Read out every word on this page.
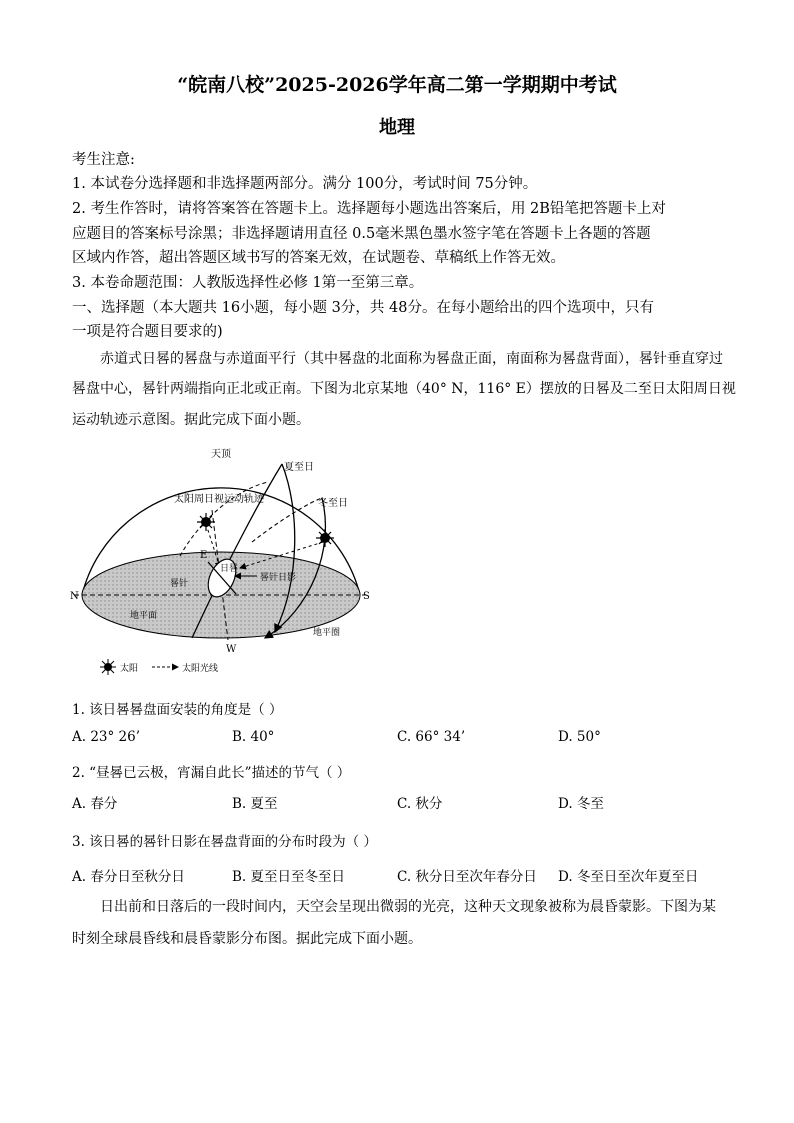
“皖南八校”2025-2026学年高二第一学期期中考试
地理
考生注意:
1. 本试卷分选择题和非选择题两部分。满分 100分，考试时间 75分钟。
2. 考生作答时，请将答案答在答题卡上。选择题每小题选出答案后，用 2B铅笔把答题卡上对
应题目的答案标号涂黑；非选择题请用直径 0.5毫米黑色墨水签字笔在答题卡上各题的答题
区域内作答，超出答题区域书写的答案无效，在试题卷、草稿纸上作答无效。
3. 本卷命题范围：人教版选择性必修 1第一至第三章。
一、选择题（本大题共 16小题，每小题 3分，共 48分。在每小题给出的四个选项中，只有
一项是符合题目要求的)
赤道式日晷的晷盘与赤道面平行（其中晷盘的北面称为晷盘正面，南面称为晷盘背面），晷针垂直穿过
晷盘中心，晷针两端指向正北或正南。下图为北京某地（40° N，116° E）摆放的日晷及二至日太阳周日视
运动轨迹示意图。据此完成下面小题。
天顶
夏至日
冬至日
太阳周日视运动轨迹
E
W
N	S
日晷
晷针
晷针日影
地平面
地平圈
太阳	太阳光线
1. 该日晷晷盘面安装的角度是（ ）
A. 23° 26’	B. 40°	C. 66° 34’	D. 50°
2. “昼晷已云极，宵漏自此长”描述的节气（ ）
A. 春分	B. 夏至	C. 秋分	D. 冬至
3. 该日晷的晷针日影在晷盘背面的分布时段为（ ）
A. 春分日至秋分日	B. 夏至日至冬至日	C. 秋分日至次年春分日 D. 冬至日至次年夏至日
日出前和日落后的一段时间内，天空会呈现出微弱的光亮，这种天文现象被称为晨昏蒙影。下图为某
时刻全球晨昏线和晨昏蒙影分布图。据此完成下面小题。
